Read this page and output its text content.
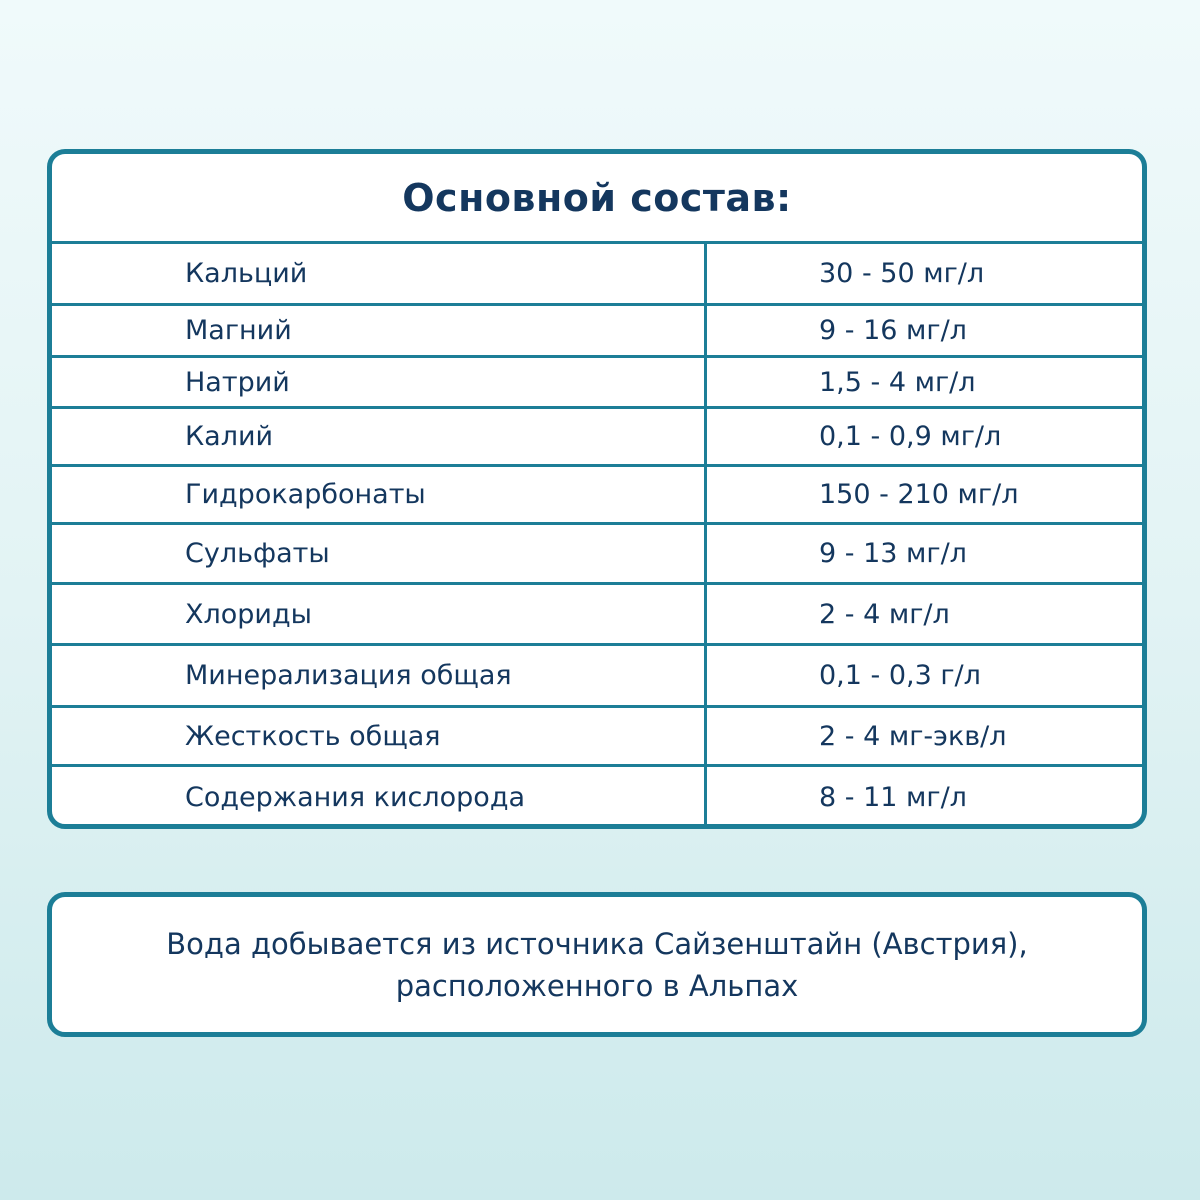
Основной состав:
Кальций	30 - 50 мг/л
Магний	9 - 16 мг/л
Натрий	1,5 - 4 мг/л
Калий	0,1 - 0,9 мг/л
Гидрокарбонаты	150 - 210 мг/л
Сульфаты	9 - 13 мг/л
Хлориды	2 - 4 мг/л
Минерализация общая	0,1 - 0,3 г/л
Жесткость общая	2 - 4 мг-экв/л
Содержания кислорода	8 - 11 мг/л
Вода добывается из источника Сайзенштайн (Австрия),
расположенного в Альпах
